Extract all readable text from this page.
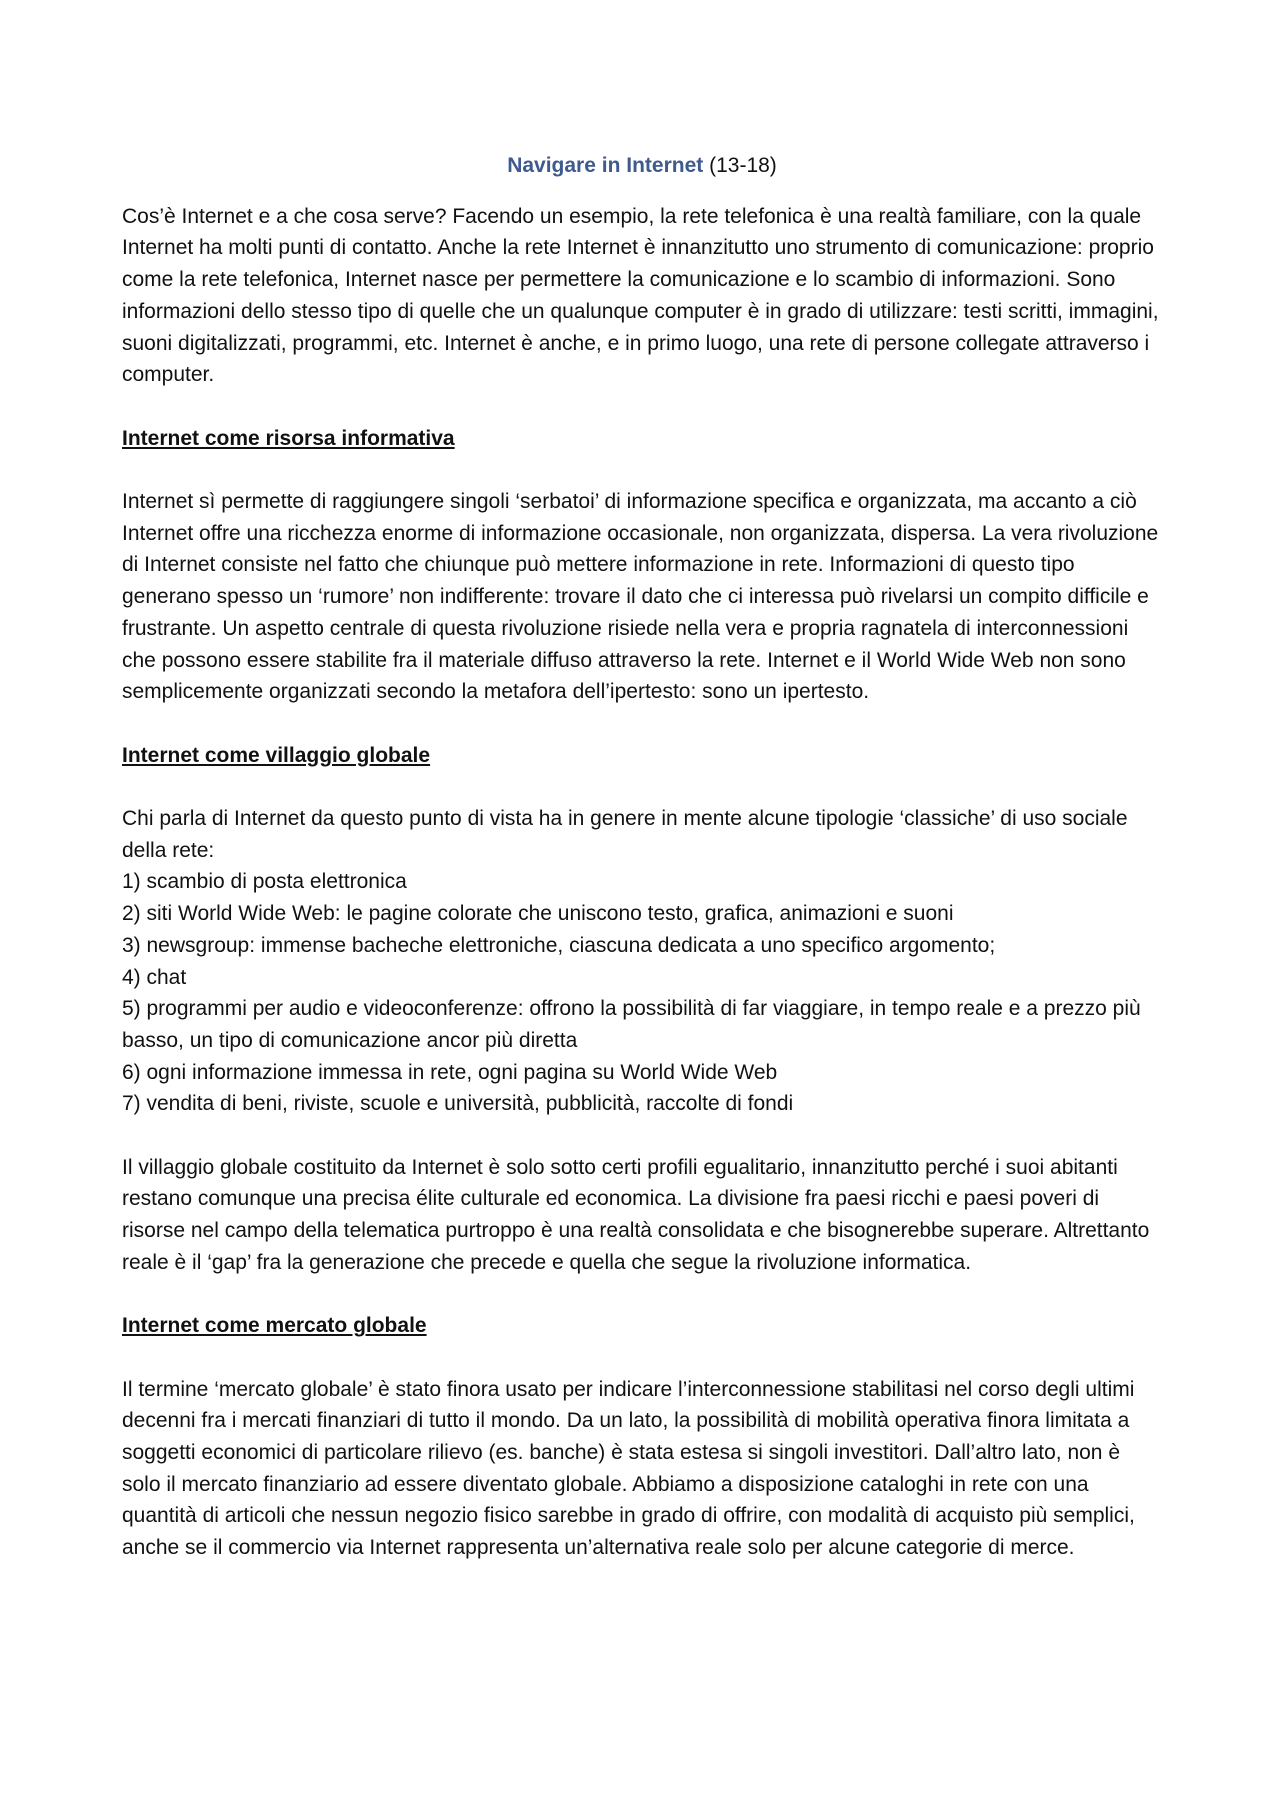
Navigare in Internet (13-18)

Cos’è Internet e a che cosa serve? Facendo un esempio, la rete telefonica è una realtà familiare, con la quale Internet ha molti punti di contatto. Anche la rete Internet è innanzitutto uno strumento di comunicazione: proprio come la rete telefonica, Internet nasce per permettere la comunicazione e lo scambio di informazioni. Sono informazioni dello stesso tipo di quelle che un qualunque computer è in grado di utilizzare: testi scritti, immagini, suoni digitalizzati, programmi, etc. Internet è anche, e in primo luogo, una rete di persone collegate attraverso i computer.

Internet come risorsa informativa

Internet sì permette di raggiungere singoli ‘serbatoi’ di informazione specifica e organizzata, ma accanto a ciò Internet offre una ricchezza enorme di informazione occasionale, non organizzata, dispersa. La vera rivoluzione di Internet consiste nel fatto che chiunque può mettere informazione in rete. Informazioni di questo tipo generano spesso un ‘rumore’ non indifferente: trovare il dato che ci interessa può rivelarsi un compito difficile e frustrante. Un aspetto centrale di questa rivoluzione risiede nella vera e propria ragnatela di interconnessioni che possono essere stabilite fra il materiale diffuso attraverso la rete. Internet e il World Wide Web non sono semplicemente organizzati secondo la metafora dell’ipertesto: sono un ipertesto.

Internet come villaggio globale

Chi parla di Internet da questo punto di vista ha in genere in mente alcune tipologie ‘classiche’ di uso sociale della rete:

1) scambio di posta elettronica
2) siti World Wide Web: le pagine colorate che uniscono testo, grafica, animazioni e suoni
3) newsgroup: immense bacheche elettroniche, ciascuna dedicata a uno specifico argomento;
4) chat
5) programmi per audio e videoconferenze: offrono la possibilità di far viaggiare, in tempo reale e a prezzo più basso, un tipo di comunicazione ancor più diretta
6) ogni informazione immessa in rete, ogni pagina su World Wide Web
7) vendita di beni, riviste, scuole e università, pubblicità, raccolte di fondi

Il villaggio globale costituito da Internet è solo sotto certi profili egualitario, innanzitutto perché i suoi abitanti restano comunque una precisa élite culturale ed economica. La divisione fra paesi ricchi e paesi poveri di risorse nel campo della telematica purtroppo è una realtà consolidata e che bisognerebbe superare. Altrettanto reale è il ‘gap’ fra la generazione che precede e quella che segue la rivoluzione informatica.

Internet come mercato globale

Il termine ‘mercato globale’ è stato finora usato per indicare l’interconnessione stabilitasi nel corso degli ultimi decenni fra i mercati finanziari di tutto il mondo. Da un lato, la possibilità di mobilità operativa finora limitata a soggetti economici di particolare rilievo (es. banche) è stata estesa si singoli investitori. Dall’altro lato, non è solo il mercato finanziario ad essere diventato globale. Abbiamo a disposizione cataloghi in rete con una quantità di articoli che nessun negozio fisico sarebbe in grado di offrire, con modalità di acquisto più semplici, anche se il commercio via Internet rappresenta un’alternativa reale solo per alcune categorie di merce.
